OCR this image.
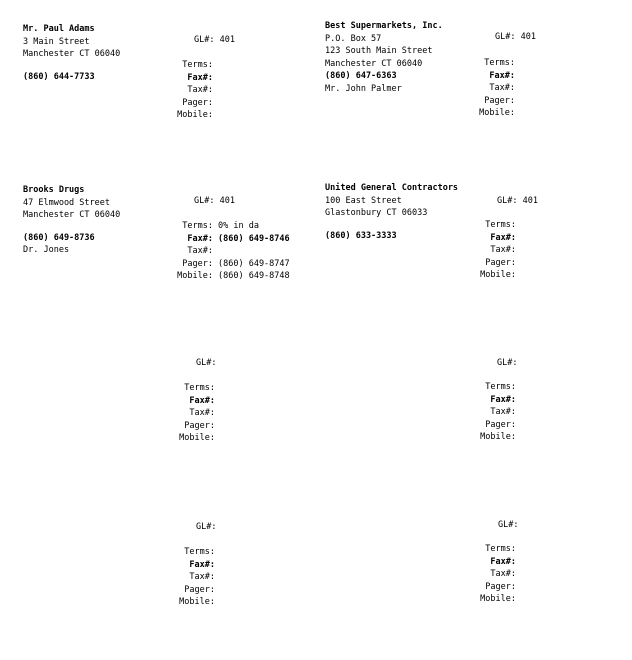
Mr. Paul Adams
3 Main Street
Manchester CT 06040
(860) 644-7733
GL#: 401
Terms:
Fax#:
Tax#:
Pager:
Mobile:
Best Supermarkets, Inc.
P.O. Box 57
123 South Main Street
Manchester CT 06040
(860) 647-6363
Mr. John Palmer
GL#: 401
Terms:
Fax#:
Tax#:
Pager:
Mobile:
Brooks Drugs
47 Elmwood Street
Manchester CT 06040
(860) 649-8736
Dr. Jones
GL#: 401
Terms: 0% in da
Fax#: (860) 649-8746
Tax#:
Pager: (860) 649-8747
Mobile: (860) 649-8748
United General Contractors
100 East Street
Glastonbury CT 06033
(860) 633-3333
GL#: 401
Terms:
Fax#:
Tax#:
Pager:
Mobile:
GL#:
Terms:
Fax#:
Tax#:
Pager:
Mobile:
GL#:
Terms:
Fax#:
Tax#:
Pager:
Mobile:
GL#:
Terms:
Fax#:
Tax#:
Pager:
Mobile:
GL#:
Terms:
Fax#:
Tax#:
Pager:
Mobile:
